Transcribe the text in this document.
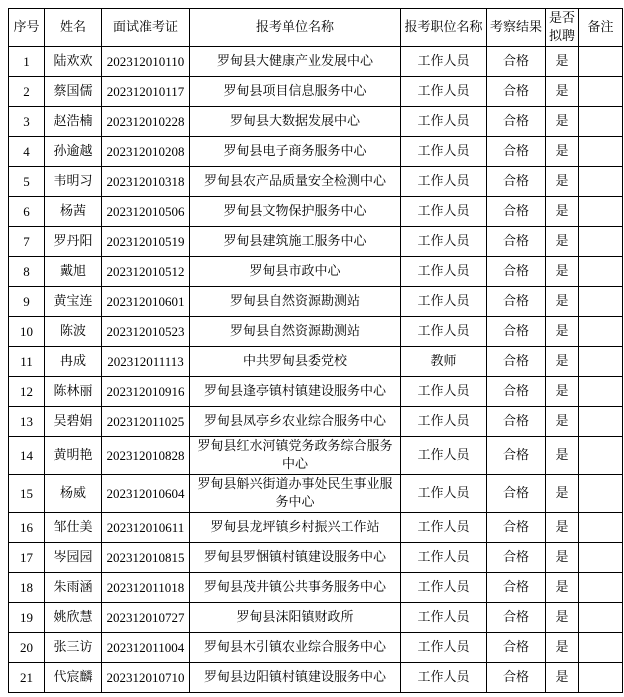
序号	姓名	面试准考证	报考单位名称	报考职位名称	考察结果	是否拟聘	备注
1	陆欢欢	202312010110	罗甸县大健康产业发展中心	工作人员	合格	是	
2	蔡国儒	202312010117	罗甸县项目信息服务中心	工作人员	合格	是	
3	赵浩楠	202312010228	罗甸县大数据发展中心	工作人员	合格	是	
4	孙逾越	202312010208	罗甸县电子商务服务中心	工作人员	合格	是	
5	韦明习	202312010318	罗甸县农产品质量安全检测中心	工作人员	合格	是	
6	杨茜	202312010506	罗甸县文物保护服务中心	工作人员	合格	是	
7	罗丹阳	202312010519	罗甸县建筑施工服务中心	工作人员	合格	是	
8	戴旭	202312010512	罗甸县市政中心	工作人员	合格	是	
9	黄宝连	202312010601	罗甸县自然资源勘测站	工作人员	合格	是	
10	陈波	202312010523	罗甸县自然资源勘测站	工作人员	合格	是	
11	冉成	202312011113	中共罗甸县委党校	教师	合格	是	
12	陈林丽	202312010916	罗甸县逢亭镇村镇建设服务中心	工作人员	合格	是	
13	吴碧娟	202312011025	罗甸县凤亭乡农业综合服务中心	工作人员	合格	是	
14	黄明艳	202312010828	罗甸县红水河镇党务政务综合服务中心	工作人员	合格	是	
15	杨威	202312010604	罗甸县斛兴街道办事处民生事业服务中心	工作人员	合格	是	
16	邹仕美	202312010611	罗甸县龙坪镇乡村振兴工作站	工作人员	合格	是	
17	岑园园	202312010815	罗甸县罗悃镇村镇建设服务中心	工作人员	合格	是	
18	朱雨涵	202312011018	罗甸县茂井镇公共事务服务中心	工作人员	合格	是	
19	姚欣慧	202312010727	罗甸县沫阳镇财政所	工作人员	合格	是	
20	张三访	202312011004	罗甸县木引镇农业综合服务中心	工作人员	合格	是	
21	代宸麟	202312010710	罗甸县边阳镇村镇建设服务中心	工作人员	合格	是	
